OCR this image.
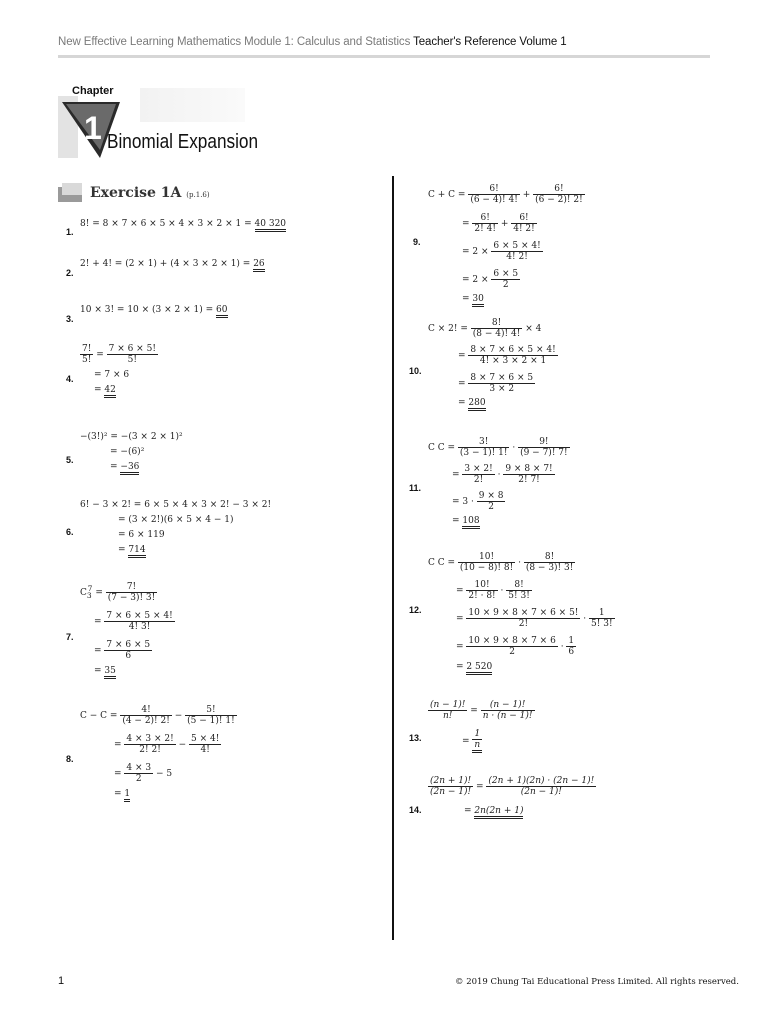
New Effective Learning Mathematics Module 1: Calculus and Statistics Teacher's Reference Volume 1
1
Chapter
Binomial Expansion
Exercise 1A (p.1.6)
1.
8! = 8 × 7 × 6 × 5 × 4 × 3 × 2 × 1 = 40 320
2.
2! + 4! = (2 × 1) + (4 × 3 × 2 × 1) = 26
3.
10 × 3! = 10 × (3 × 2 × 1) = 60
4.
$\frac{7!}{5!} = \frac{7 \times 6 \times 5!}{5!}$
= 7 × 6
= 42
5.
−(3!)² = −(3 × 2 × 1)²
= −(6)²
= −36
6.
6! − 3 × 2! = 6 × 5 × 4 × 3 × 2! − 3 × 2!
= (3 × 2!)(6 × 5 × 4 − 1)
= 6 × 119
= 714
7.
$C_3^7 = \frac{7!}{(7 - 3)! 3!}$
= $\frac{7 \times 6 \times 5 \times 4!}{4! 3!}$
= $\frac{7 \times 6 \times 5}{6}$
= 35
8.
$C - C = \frac{4!}{(4 - 2)! 2!} - \frac{5!}{(5 - 1)! 1!}$
= $\frac{4 \times 3 \times 2!}{2! 2!} - \frac{5 \times 4!}{4!}$
= $\frac{4 \times 3}{2} - 5$
= 1
9.
$C + C = \frac{6!}{(6 - 4)! 4!} + \frac{6!}{(6 - 2)! 2!}$
= $\frac{6!}{2! 4!} + \frac{6!}{4! 2!}$
= $2 \times \frac{6 \times 5 \times 4!}{4! 2!}$
= $2 \times \frac{6 \times 5}{2}$
= 30
10.
C × 2! = $\frac{8!}{(8 - 4)! 4!} \times 4$
= $\frac{8 \times 7 \times 6 \times 5 \times 4!}{4! \times 3 \times 2 \times 1}$
= $\frac{8 \times 7 \times 6 \times 5}{3 \times 2}$
= 280
11.
C $C = \frac{3!}{(3 - 1)! 1!} \cdot \frac{9!}{(9 - 7)! 7!}$
= $\frac{3 \times 2!}{2!} \cdot \frac{9 \times 8 \times 7!}{2! 7!}$
= $3 \cdot \frac{9 \times 8}{2}$
= 108
12.
C $C = \frac{10!}{(10 - 8)! 8!} \cdot \frac{8!}{(8 - 3)! 3!}$
= $\frac{10!}{2! \cdot 8!} \cdot \frac{8!}{5! 3!}$
= $\frac{10 \times 9 \times 8 \times 7 \times 6 \times 5!}{2!} \cdot \frac{1}{5! 3!}$
= $\frac{10 \times 9 \times 8 \times 7 \times 6}{2} \cdot \frac{1}{6}$
= 2 520
13.
$\frac{(n - 1)!}{n!} = \frac{(n - 1)!}{n \cdot (n - 1)!}$
= $\frac{1}{n}$
14.
$\frac{(2n + 1)!}{(2n - 1)!} = \frac{(2n + 1)(2n) \cdot (2n - 1)!}{(2n - 1)!}$
= 2n(2n + 1)
1	© 2019 Chung Tai Educational Press Limited. All rights reserved.
